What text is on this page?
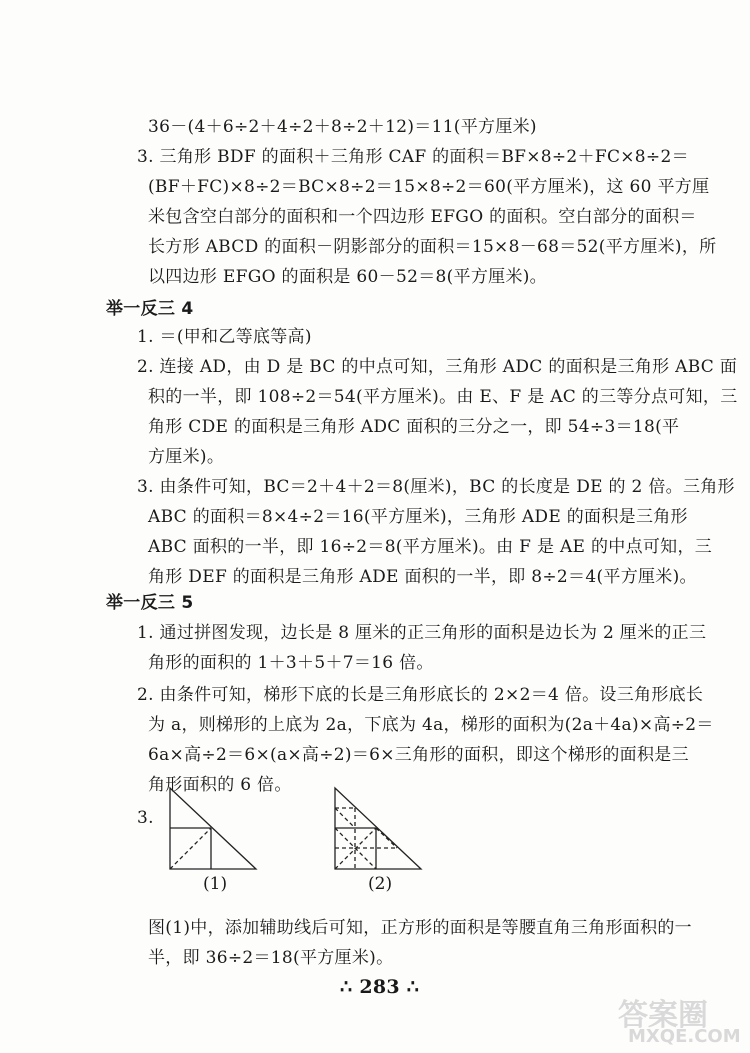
36－(4＋6÷2＋4÷2＋8÷2＋12)＝11(平方厘米)
3. 三角形 BDF 的面积＋三角形 CAF 的面积＝BF×8÷2＋FC×8÷2＝
(BF＋FC)×8÷2＝BC×8÷2＝15×8÷2＝60(平方厘米)，这 60 平方厘
米包含空白部分的面积和一个四边形 EFGO 的面积。空白部分的面积＝
长方形 ABCD 的面积－阴影部分的面积＝15×8－68＝52(平方厘米)，所
以四边形 EFGO 的面积是 60－52＝8(平方厘米)。
举一反三 4
1. ＝(甲和乙等底等高)
2. 连接 AD，由 D 是 BC 的中点可知，三角形 ADC 的面积是三角形 ABC 面
积的一半，即 108÷2＝54(平方厘米)。由 E、F 是 AC 的三等分点可知，三
角形 CDE 的面积是三角形 ADC 面积的三分之一，即 54÷3＝18(平
方厘米)。
3. 由条件可知，BC＝2＋4＋2＝8(厘米)，BC 的长度是 DE 的 2 倍。三角形
ABC 的面积＝8×4÷2＝16(平方厘米)，三角形 ADE 的面积是三角形
ABC 面积的一半，即 16÷2＝8(平方厘米)。由 F 是 AE 的中点可知，三
角形 DEF 的面积是三角形 ADE 面积的一半，即 8÷2＝4(平方厘米)。
举一反三 5
1. 通过拼图发现，边长是 8 厘米的正三角形的面积是边长为 2 厘米的正三
角形的面积的 1＋3＋5＋7＝16 倍。
2. 由条件可知，梯形下底的长是三角形底长的 2×2＝4 倍。设三角形底长
为 a，则梯形的上底为 2a，下底为 4a，梯形的面积为(2a＋4a)×高÷2＝
6a×高÷2＝6×(a×高÷2)＝6×三角形的面积，即这个梯形的面积是三
角形面积的 6 倍。
3.
(1)	(2)
图(1)中，添加辅助线后可知，正方形的面积是等腰直角三角形面积的一
半，即 36÷2＝18(平方厘米)。
∴ 283 ∴
答案圈
MXQE.COM
